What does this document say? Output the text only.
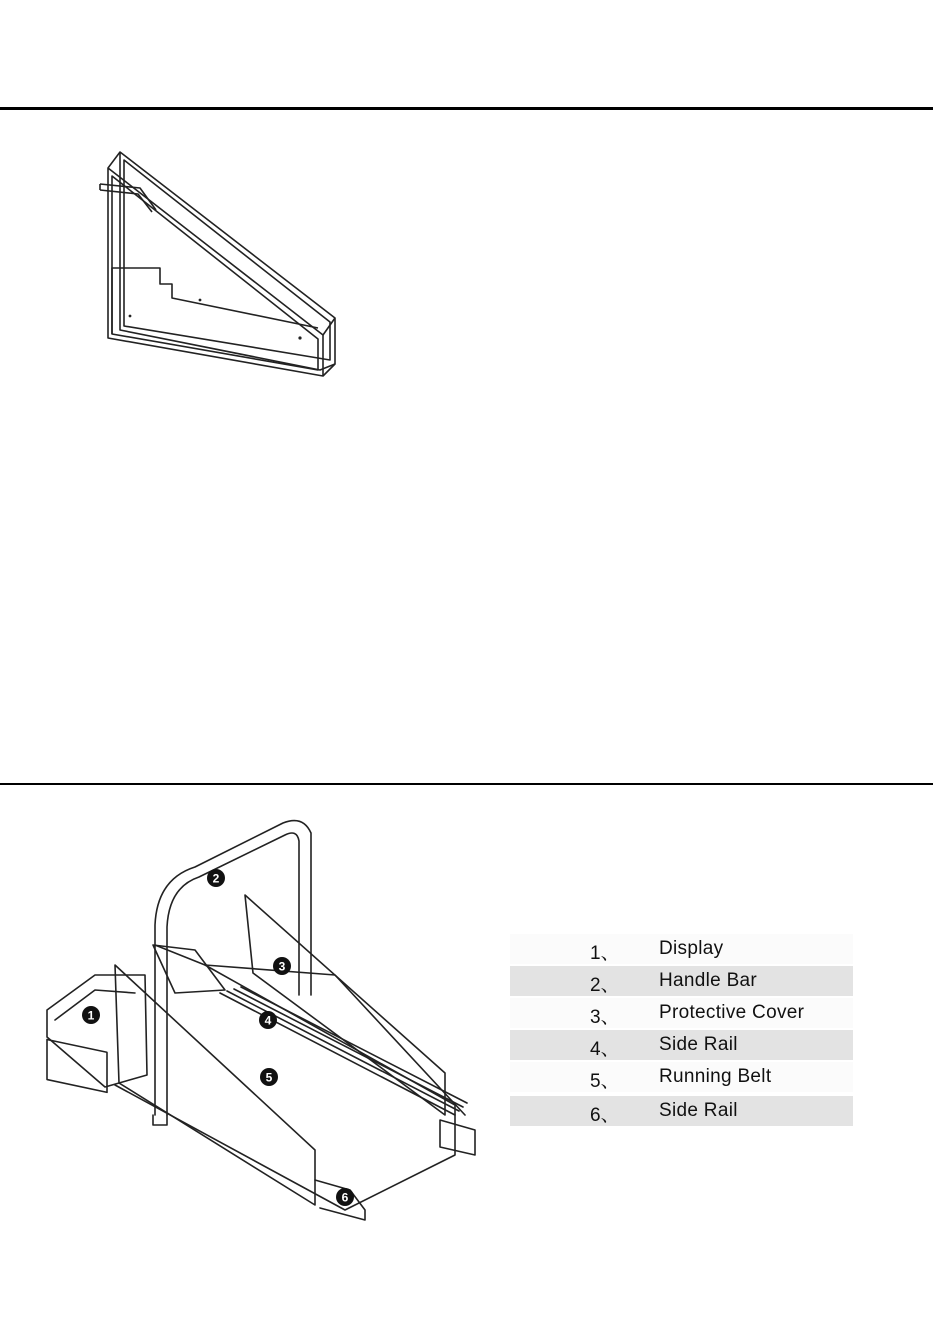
1
2
3
4
5
6
1、 Display
2、 Handle Bar
3、 Protective Cover
4、 Side Rail
5、 Running Belt
6、 Side Rail
